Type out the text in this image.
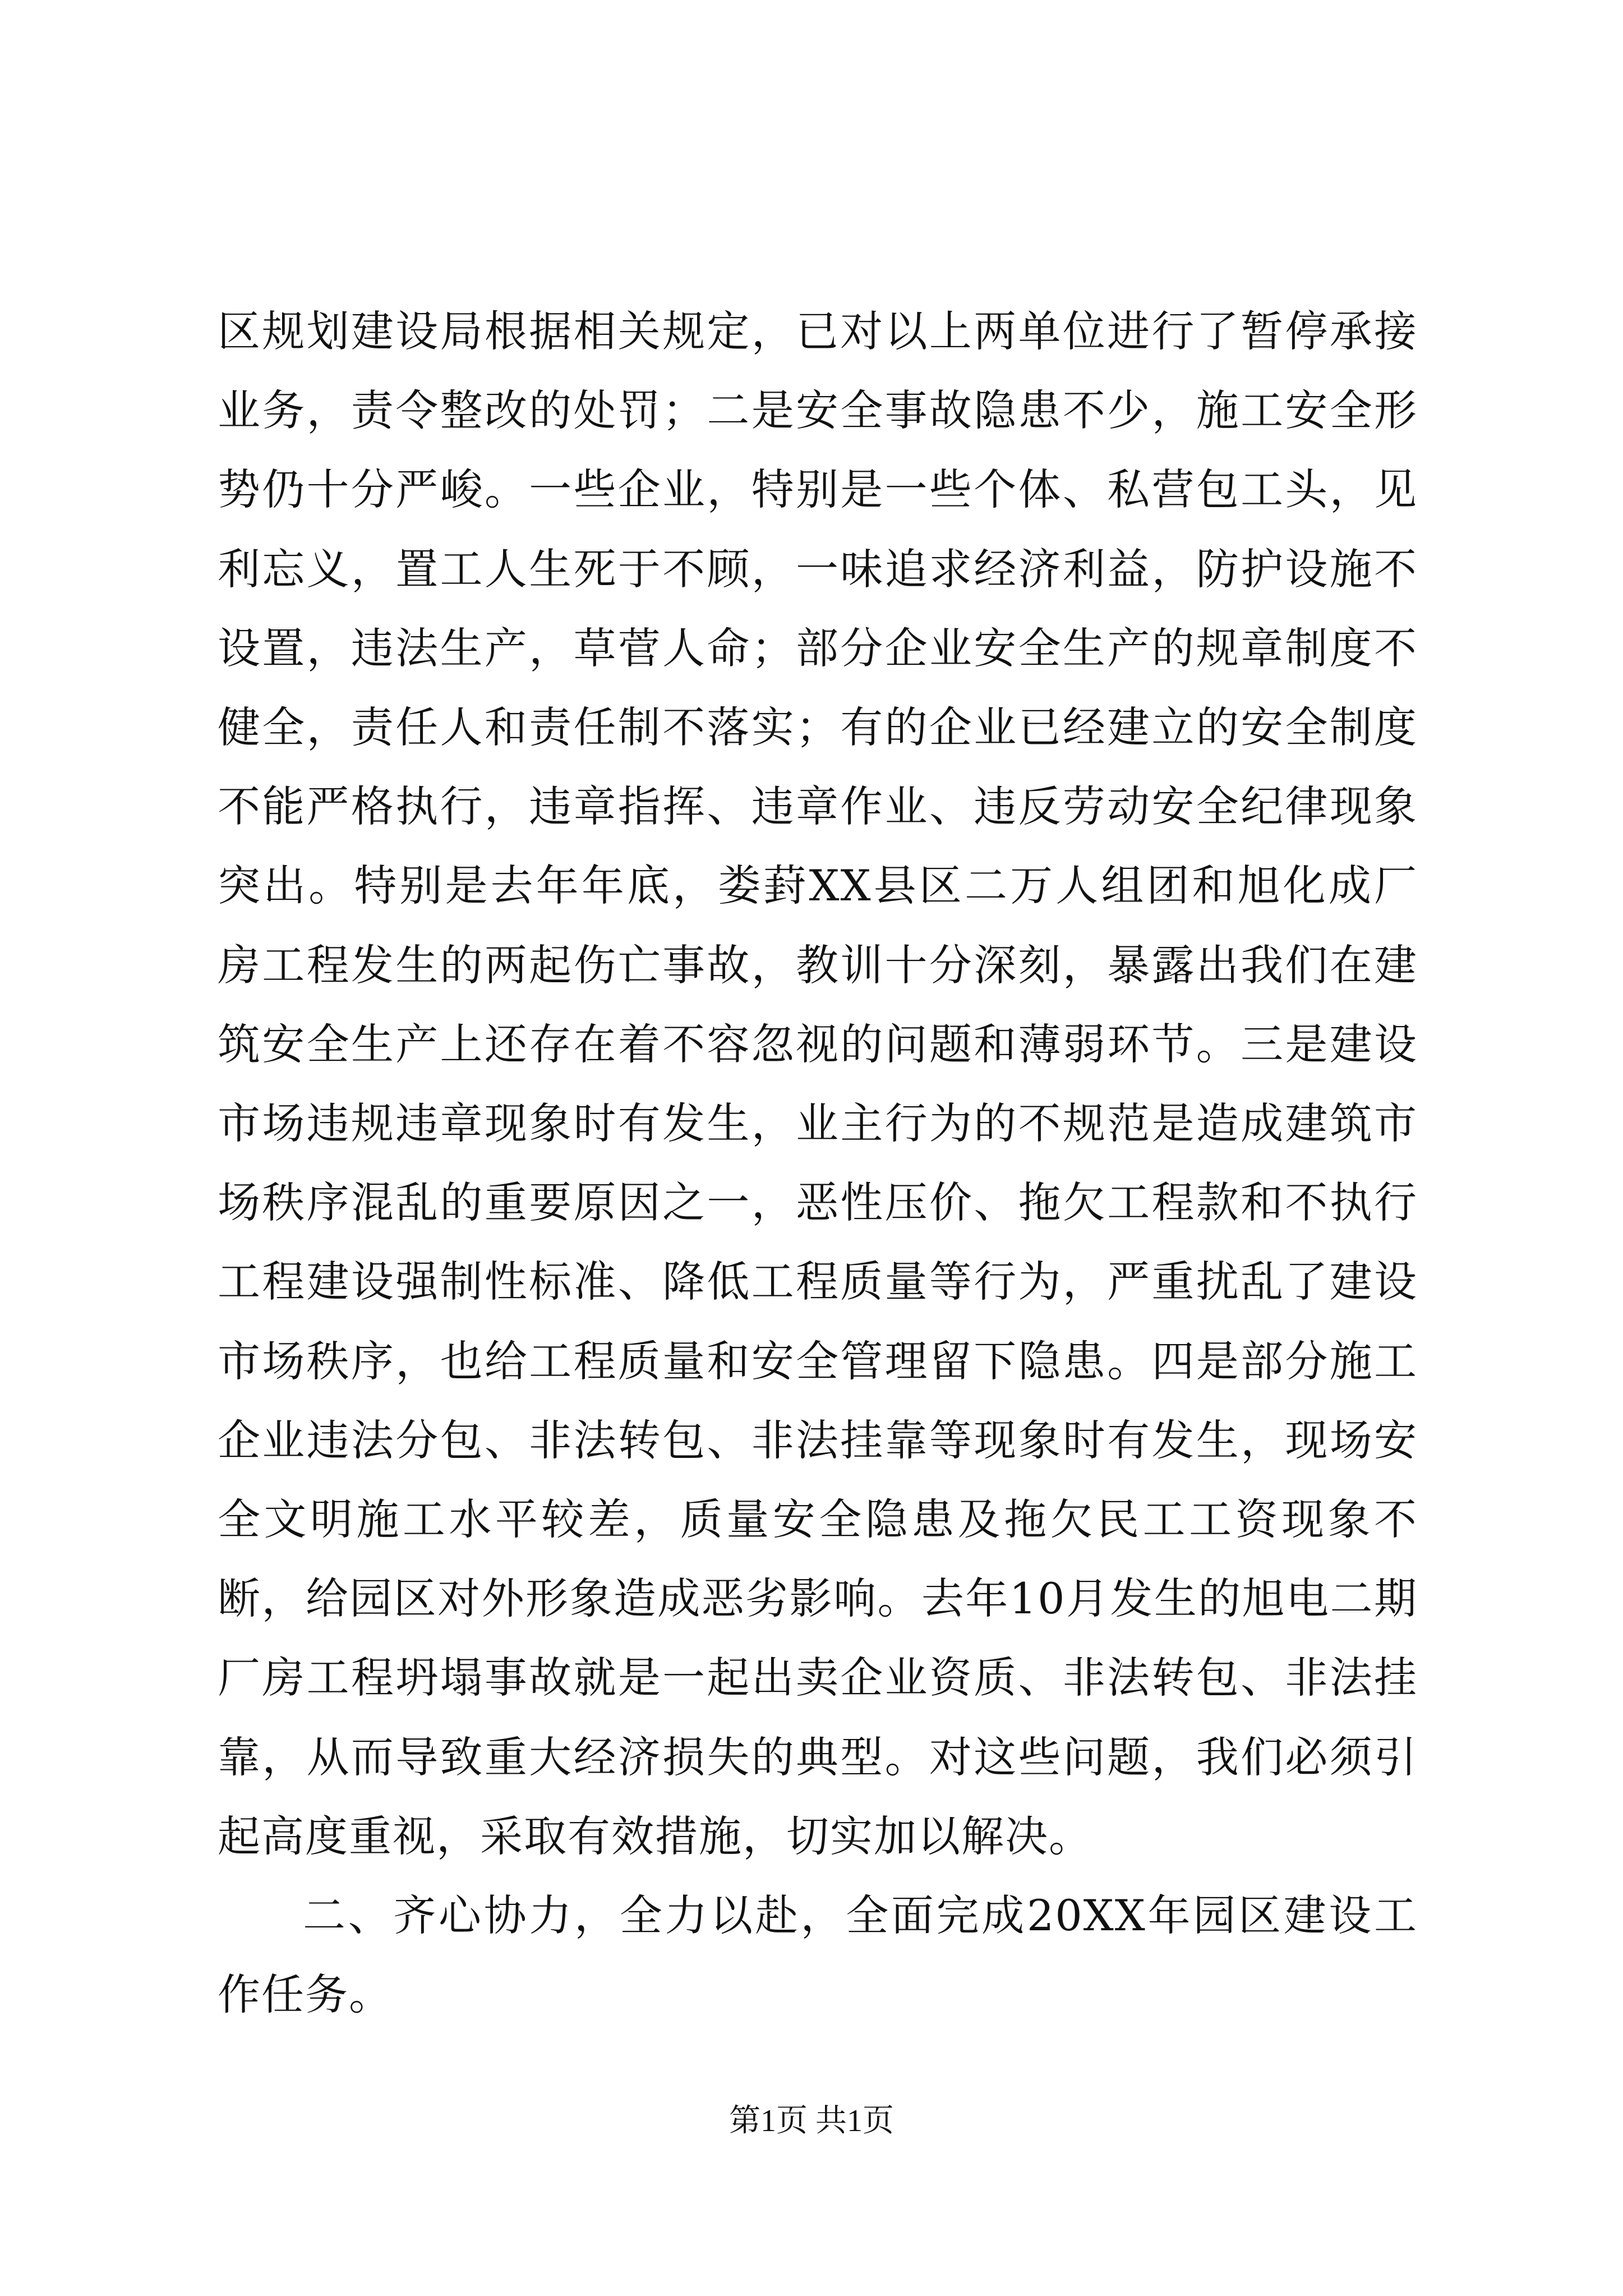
区规划建设局根据相关规定，已对以上两单位进行了暂停承接业务，责令整改的处罚；二是安全事故隐患不少，施工安全形势仍十分严峻。一些企业，特别是一些个体、私营包工头，见利忘义，置工人生死于不顾，一味追求经济利益，防护设施不设置，违法生产，草菅人命；部分企业安全生产的规章制度不健全，责任人和责任制不落实；有的企业已经建立的安全制度不能严格执行，违章指挥、违章作业、违反劳动安全纪律现象突出。特别是去年年底，娄葑XX县区二万人组团和旭化成厂房工程发生的两起伤亡事故，教训十分深刻，暴露出我们在建筑安全生产上还存在着不容忽视的问题和薄弱环节。三是建设市场违规违章现象时有发生，业主行为的不规范是造成建筑市场秩序混乱的重要原因之一，恶性压价、拖欠工程款和不执行工程建设强制性标准、降低工程质量等行为，严重扰乱了建设市场秩序，也给工程质量和安全管理留下隐患。四是部分施工企业违法分包、非法转包、非法挂靠等现象时有发生，现场安全文明施工水平较差，质量安全隐患及拖欠民工工资现象不断，给园区对外形象造成恶劣影响。去年10月发生的旭电二期厂房工程坍塌事故就是一起出卖企业资质、非法转包、非法挂靠，从而导致重大经济损失的典型。对这些问题，我们必须引起高度重视，采取有效措施，切实加以解决。

二、齐心协力，全力以赴，全面完成20XX年园区建设工作任务。

第1页 共1页
